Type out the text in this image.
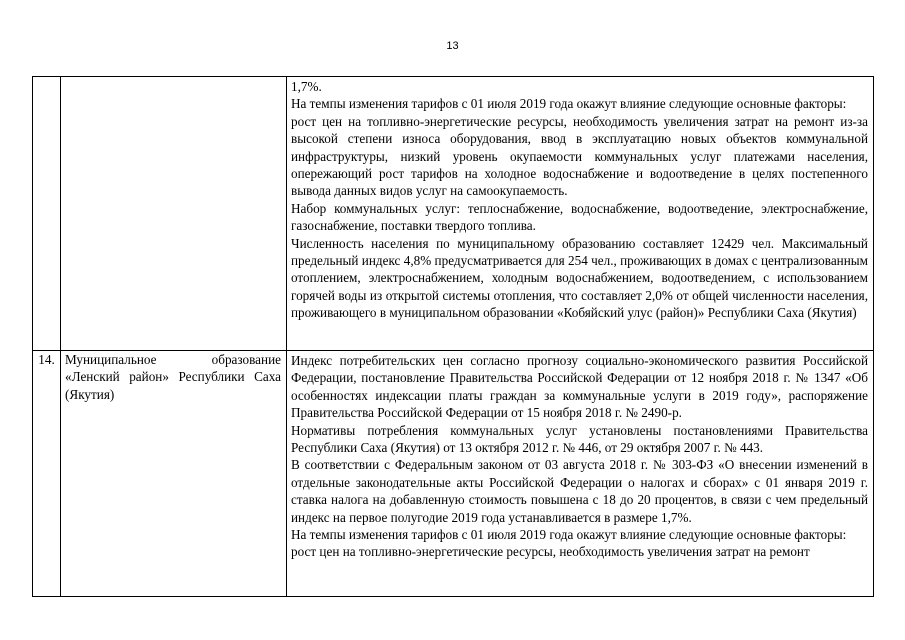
13

		1,7%.

На темпы изменения тарифов с 01 июля 2019 года окажут влияние следующие основные факторы:

рост цен на топливно-энергетические ресурсы, необходимость увеличения затрат на ремонт из-за высокой степени износа оборудования, ввод в эксплуатацию новых объектов коммунальной инфраструктуры, низкий уровень окупаемости коммунальных услуг платежами населения, опережающий рост тарифов на холодное водоснабжение и водоотведение в целях постепенного вывода данных видов услуг на самоокупаемость.

Набор коммунальных услуг: теплоснабжение, водоснабжение, водоотведение, электроснабжение, газоснабжение, поставки твердого топлива.

Численность населения по муниципальному образованию составляет 12429 чел. Максимальный предельный индекс 4,8% предусматривается для 254 чел., проживающих в домах с централизованным отоплением, электроснабжением, холодным водоснабжением, водоотведением, с использованием горячей воды из открытой системы отопления, что составляет 2,0% от общей численности населения, проживающего в муниципальном образовании «Кобяйский улус (район)» Республики Саха (Якутия)

14.	Муниципальное образование «Ленский район» Республики Саха (Якутия)	Индекс потребительских цен согласно прогнозу социально-экономического развития Российской Федерации, постановление Правительства Российской Федерации от 12 ноября 2018 г. № 1347 «Об особенностях индексации платы граждан за коммунальные услуги в 2019 году», распоряжение Правительства Российской Федерации от 15 ноября 2018 г. № 2490-р.

Нормативы потребления коммунальных услуг установлены постановлениями Правительства Республики Саха (Якутия) от 13 октября 2012 г. № 446, от 29 октября 2007 г. № 443.

В соответствии с Федеральным законом от 03 августа 2018 г. № 303-ФЗ «О внесении изменений в отдельные законодательные акты Российской Федерации о налогах и сборах» с 01 января 2019 г. ставка налога на добавленную стоимость повышена с 18 до 20 процентов, в связи с чем предельный индекс на первое полугодие 2019 года устанавливается в размере 1,7%.

На темпы изменения тарифов с 01 июля 2019 года окажут влияние следующие основные факторы:

рост цен на топливно-энергетические ресурсы, необходимость увеличения затрат на ремонт
